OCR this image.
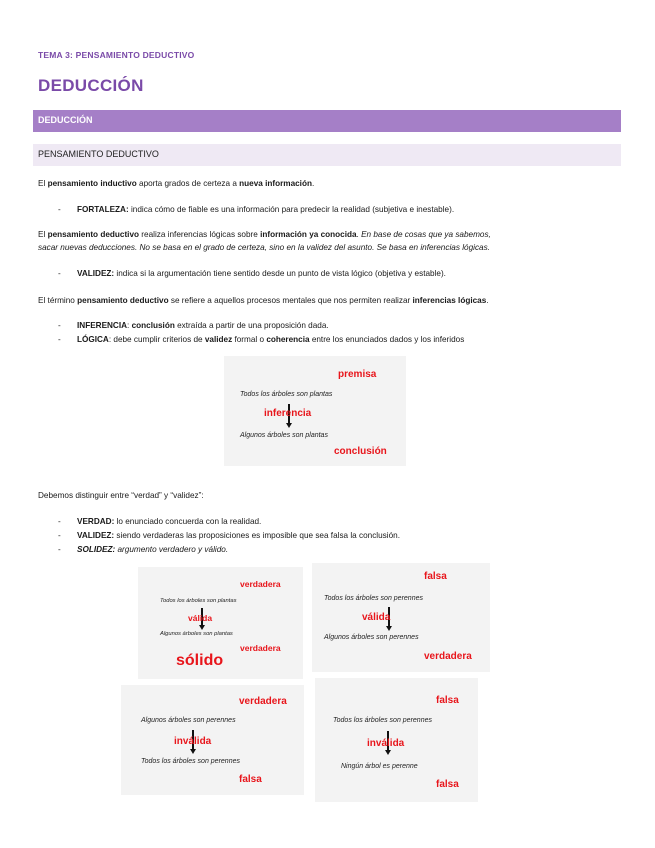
TEMA 3: PENSAMIENTO DEDUCTIVO
DEDUCCIÓN
DEDUCCIÓN
PENSAMIENTO DEDUCTIVO
El pensamiento inductivo aporta grados de certeza a nueva información.
- FORTALEZA: indica cómo de fiable es una información para predecir la realidad (subjetiva e inestable).
El pensamiento deductivo realiza inferencias lógicas sobre información ya conocida. En base de cosas que ya sabemos,
sacar nuevas deducciones. No se basa en el grado de certeza, sino en la validez del asunto. Se basa en inferencias lógicas.
- VALIDEZ: indica si la argumentación tiene sentido desde un punto de vista lógico (objetiva y estable).
El término pensamiento deductivo se refiere a aquellos procesos mentales que nos permiten realizar inferencias lógicas.
- INFERENCIA: conclusión extraída a partir de una proposición dada.
- LÓGICA: debe cumplir criterios de validez formal o coherencia entre los enunciados dados y los inferidos
premisa
Todos los árboles son plantas
inferencia
Algunos árboles son plantas
conclusión
Debemos distinguir entre “verdad” y “validez”:
- VERDAD: lo enunciado concuerda con la realidad.
- VALIDEZ: siendo verdaderas las proposiciones es imposible que sea falsa la conclusión.
- SOLIDEZ: argumento verdadero y válido.
verdadera
Todos los árboles son plantas
válida
Algunos árboles son plantas
verdadera
sólido
falsa
Todos los árboles son perennes
válida
Algunos árboles son perennes
verdadera
verdadera
Algunos árboles son perennes
inválida
Todos los árboles son perennes
falsa
falsa
Todos los árboles son perennes
inválida
Ningún árbol es perenne
falsa
